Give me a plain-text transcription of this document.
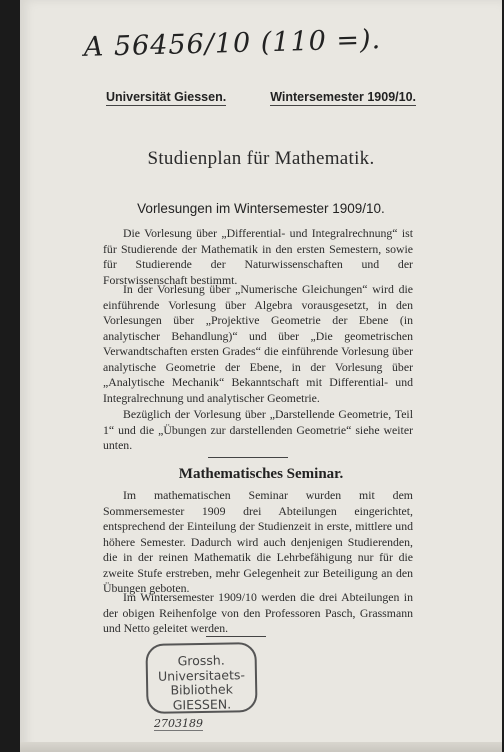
A 56456/10 (110 =).
Universität Giessen.	Wintersemester 1909/10.
Studienplan für Mathematik.
Vorlesungen im Wintersemester 1909/10.

Die Vorlesung über „Differential- und Integralrechnung“ ist für Studierende der Mathematik in den ersten Semestern, sowie für Studierende der Naturwissenschaften und der Forstwissenschaft bestimmt.

In der Vorlesung über „Numerische Gleichungen“ wird die einführende Vorlesung über Algebra vorausgesetzt, in den Vorlesungen über „Projektive Geometrie der Ebene (in analytischer Behandlung)“ und über „Die geometrischen Verwandtschaften ersten Grades“ die einführende Vorlesung über analytische Geometrie der Ebene, in der Vorlesung über „Analytische Mechanik“ Bekanntschaft mit Differential- und Integralrechnung und analytischer Geometrie.

Bezüglich der Vorlesung über „Darstellende Geometrie, Teil 1“ und die „Übungen zur darstellenden Geometrie“ siehe weiter unten.

Mathematisches Seminar.

Im mathematischen Seminar wurden mit dem Sommersemester 1909 drei Abteilungen eingerichtet, entsprechend der Einteilung der Studienzeit in erste, mittlere und höhere Semester. Dadurch wird auch denjenigen Studierenden, die in der reinen Mathematik die Lehrbefähigung nur für die zweite Stufe erstreben, mehr Gelegenheit zur Beteiligung an den Übungen geboten.

Im Wintersemester 1909/10 werden die drei Abteilungen in der obigen Reihenfolge von den Professoren Pasch, Grassmann und Netto geleitet werden.

Grossh.
Universitaets-
Bibliothek
GIESSEN.
2703189
